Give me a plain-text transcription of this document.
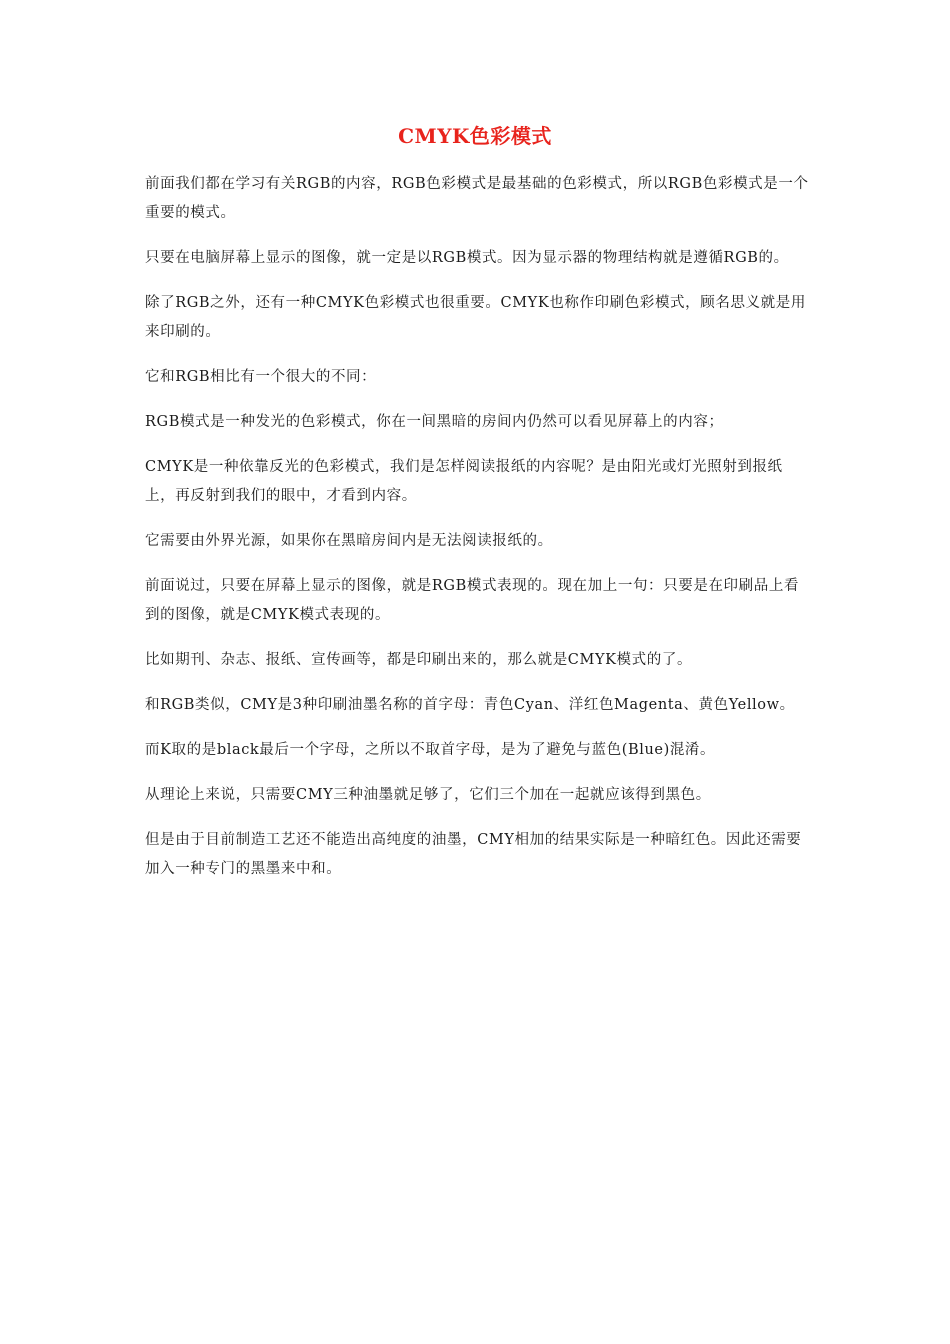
CMYK色彩模式

前面我们都在学习有关RGB的内容，RGB色彩模式是最基础的色彩模式，所以RGB色彩模式是一个重要的模式。

只要在电脑屏幕上显示的图像，就一定是以RGB模式。因为显示器的物理结构就是遵循RGB的。

除了RGB之外，还有一种CMYK色彩模式也很重要。CMYK也称作印刷色彩模式，顾名思义就是用来印刷的。

它和RGB相比有一个很大的不同：

RGB模式是一种发光的色彩模式，你在一间黑暗的房间内仍然可以看见屏幕上的内容；

CMYK是一种依靠反光的色彩模式，我们是怎样阅读报纸的内容呢？是由阳光或灯光照射到报纸上，再反射到我们的眼中，才看到内容。

它需要由外界光源，如果你在黑暗房间内是无法阅读报纸的。

前面说过，只要在屏幕上显示的图像，就是RGB模式表现的。现在加上一句：只要是在印刷品上看到的图像，就是CMYK模式表现的。

比如期刊、杂志、报纸、宣传画等，都是印刷出来的，那么就是CMYK模式的了。

和RGB类似，CMY是3种印刷油墨名称的首字母：青色Cyan、洋红色Magenta、黄色Yellow。

而K取的是black最后一个字母，之所以不取首字母，是为了避免与蓝色(Blue)混淆。

从理论上来说，只需要CMY三种油墨就足够了，它们三个加在一起就应该得到黑色。

但是由于目前制造工艺还不能造出高纯度的油墨，CMY相加的结果实际是一种暗红色。因此还需要加入一种专门的黑墨来中和。
